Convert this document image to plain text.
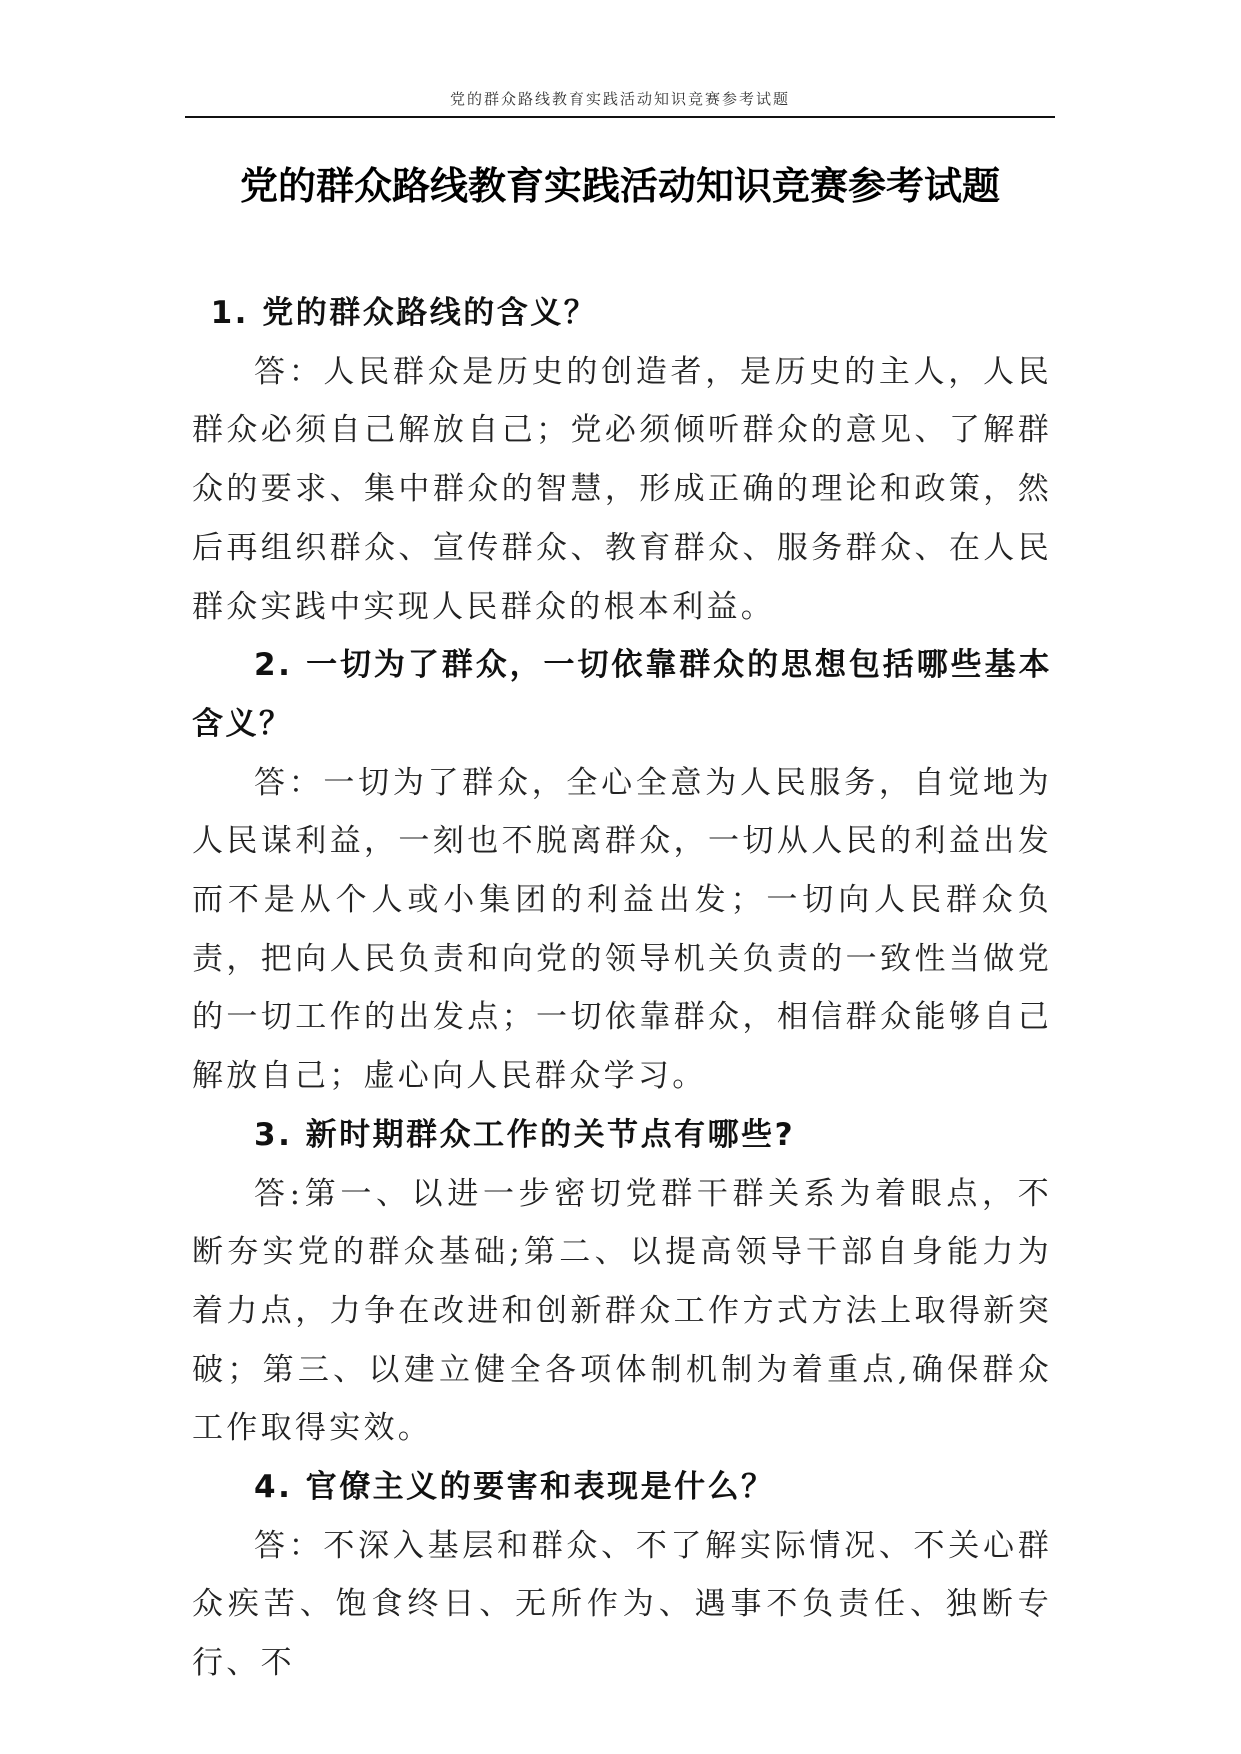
党的群众路线教育实践活动知识竞赛参考试题
党的群众路线教育实践活动知识竞赛参考试题

1. 党的群众路线的含义？

答：人民群众是历史的创造者，是历史的主人，人民群众必须自己解放自己；党必须倾听群众的意见、了解群众的要求、集中群众的智慧，形成正确的理论和政策，然后再组织群众、宣传群众、教育群众、服务群众、在人民群众实践中实现人民群众的根本利益。

2. 一切为了群众，一切依靠群众的思想包括哪些基本含义？

答：一切为了群众，全心全意为人民服务，自觉地为人民谋利益，一刻也不脱离群众，一切从人民的利益出发而不是从个人或小集团的利益出发；一切向人民群众负责，把向人民负责和向党的领导机关负责的一致性当做党的一切工作的出发点；一切依靠群众，相信群众能够自己解放自己；虚心向人民群众学习。

3. 新时期群众工作的关节点有哪些?

答:第一、以进一步密切党群干群关系为着眼点，不断夯实党的群众基础;第二、以提高领导干部自身能力为着力点，力争在改进和创新群众工作方式方法上取得新突破；第三、以建立健全各项体制机制为着重点,确保群众工作取得实效。

4. 官僚主义的要害和表现是什么？

答：不深入基层和群众、不了解实际情况、不关心群众疾苦、饱食终日、无所作为、遇事不负责任、独断专行、不
